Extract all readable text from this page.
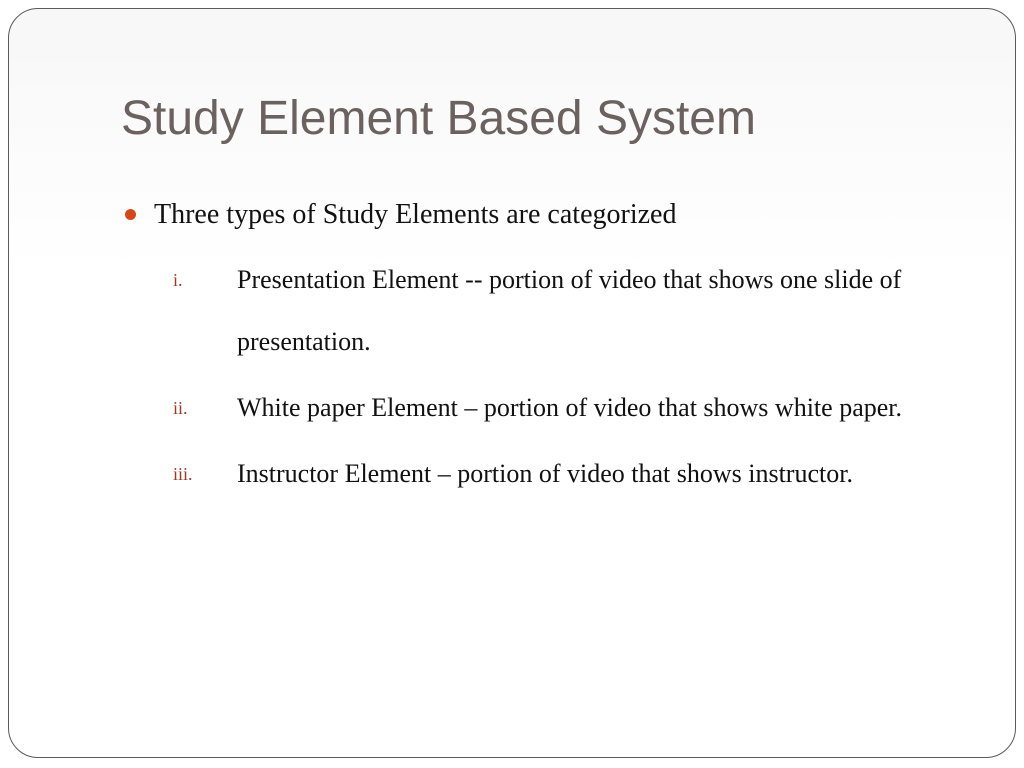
Study Element Based System
Three types of Study Elements are categorized
i. Presentation Element -- portion of video that shows one slide of presentation.
ii. White paper Element – portion of video that shows white paper.
iii. Instructor Element – portion of video that shows instructor.
